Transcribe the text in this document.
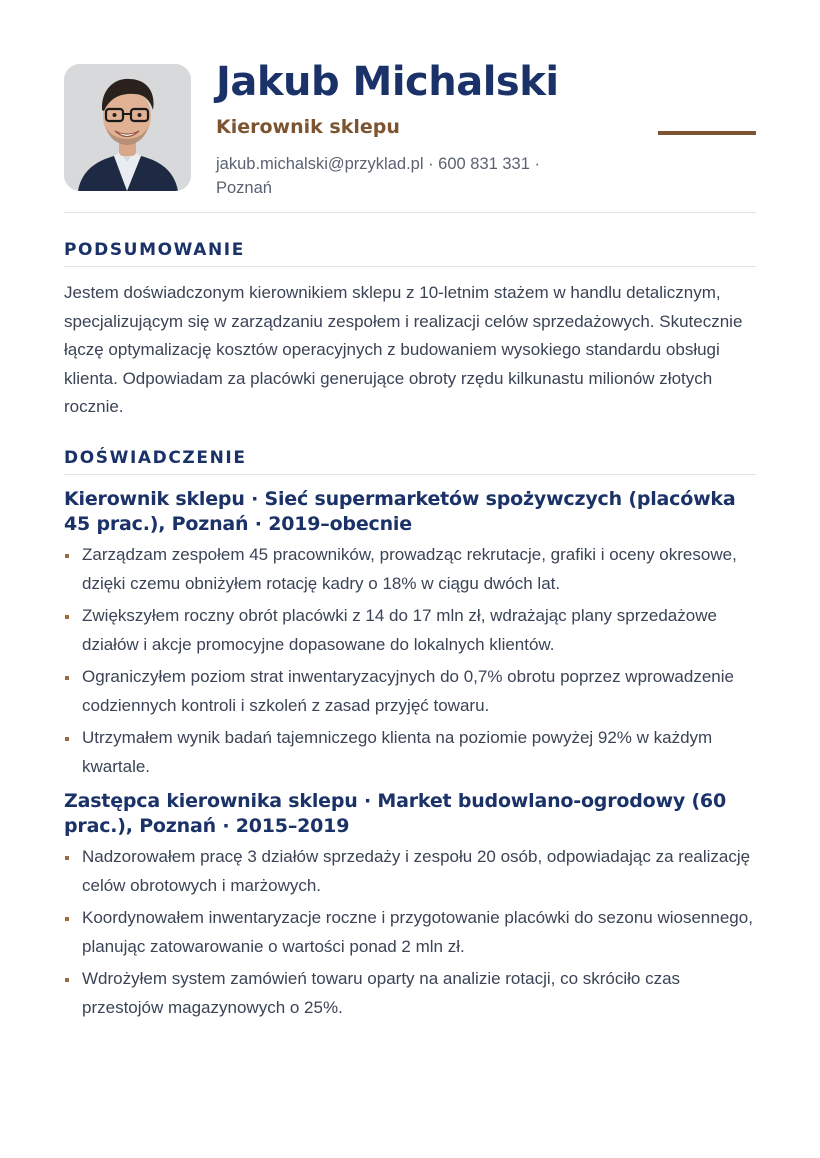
Jakub Michalski
Kierownik sklepu
jakub.michalski@przyklad.pl · 600 831 331 · Poznań
PODSUMOWANIE

Jestem doświadczonym kierownikiem sklepu z 10-letnim stażem w handlu detalicznym, specjalizującym się w zarządzaniu zespołem i realizacji celów sprzedażowych. Skutecznie łączę optymalizację kosztów operacyjnych z budowaniem wysokiego standardu obsługi klienta. Odpowiadam za placówki generujące obroty rzędu kilkunastu milionów złotych rocznie.

DOŚWIADCZENIE
Kierownik sklepu · Sieć supermarketów spożywczych (placówka 45 prac.), Poznań · 2019–obecnie
Zarządzam zespołem 45 pracowników, prowadząc rekrutacje, grafiki i oceny okresowe, dzięki czemu obniżyłem rotację kadry o 18% w ciągu dwóch lat.
Zwiększyłem roczny obrót placówki z 14 do 17 mln zł, wdrażając plany sprzedażowe działów i akcje promocyjne dopasowane do lokalnych klientów.
Ograniczyłem poziom strat inwentaryzacyjnych do 0,7% obrotu poprzez wprowadzenie codziennych kontroli i szkoleń z zasad przyjęć towaru.
Utrzymałem wynik badań tajemniczego klienta na poziomie powyżej 92% w każdym kwartale.
Zastępca kierownika sklepu · Market budowlano-ogrodowy (60 prac.), Poznań · 2015–2019
Nadzorowałem pracę 3 działów sprzedaży i zespołu 20 osób, odpowiadając za realizację celów obrotowych i marżowych.
Koordynowałem inwentaryzacje roczne i przygotowanie placówki do sezonu wiosennego, planując zatowarowanie o wartości ponad 2 mln zł.
Wdrożyłem system zamówień towaru oparty na analizie rotacji, co skróciło czas przestojów magazynowych o 25%.
